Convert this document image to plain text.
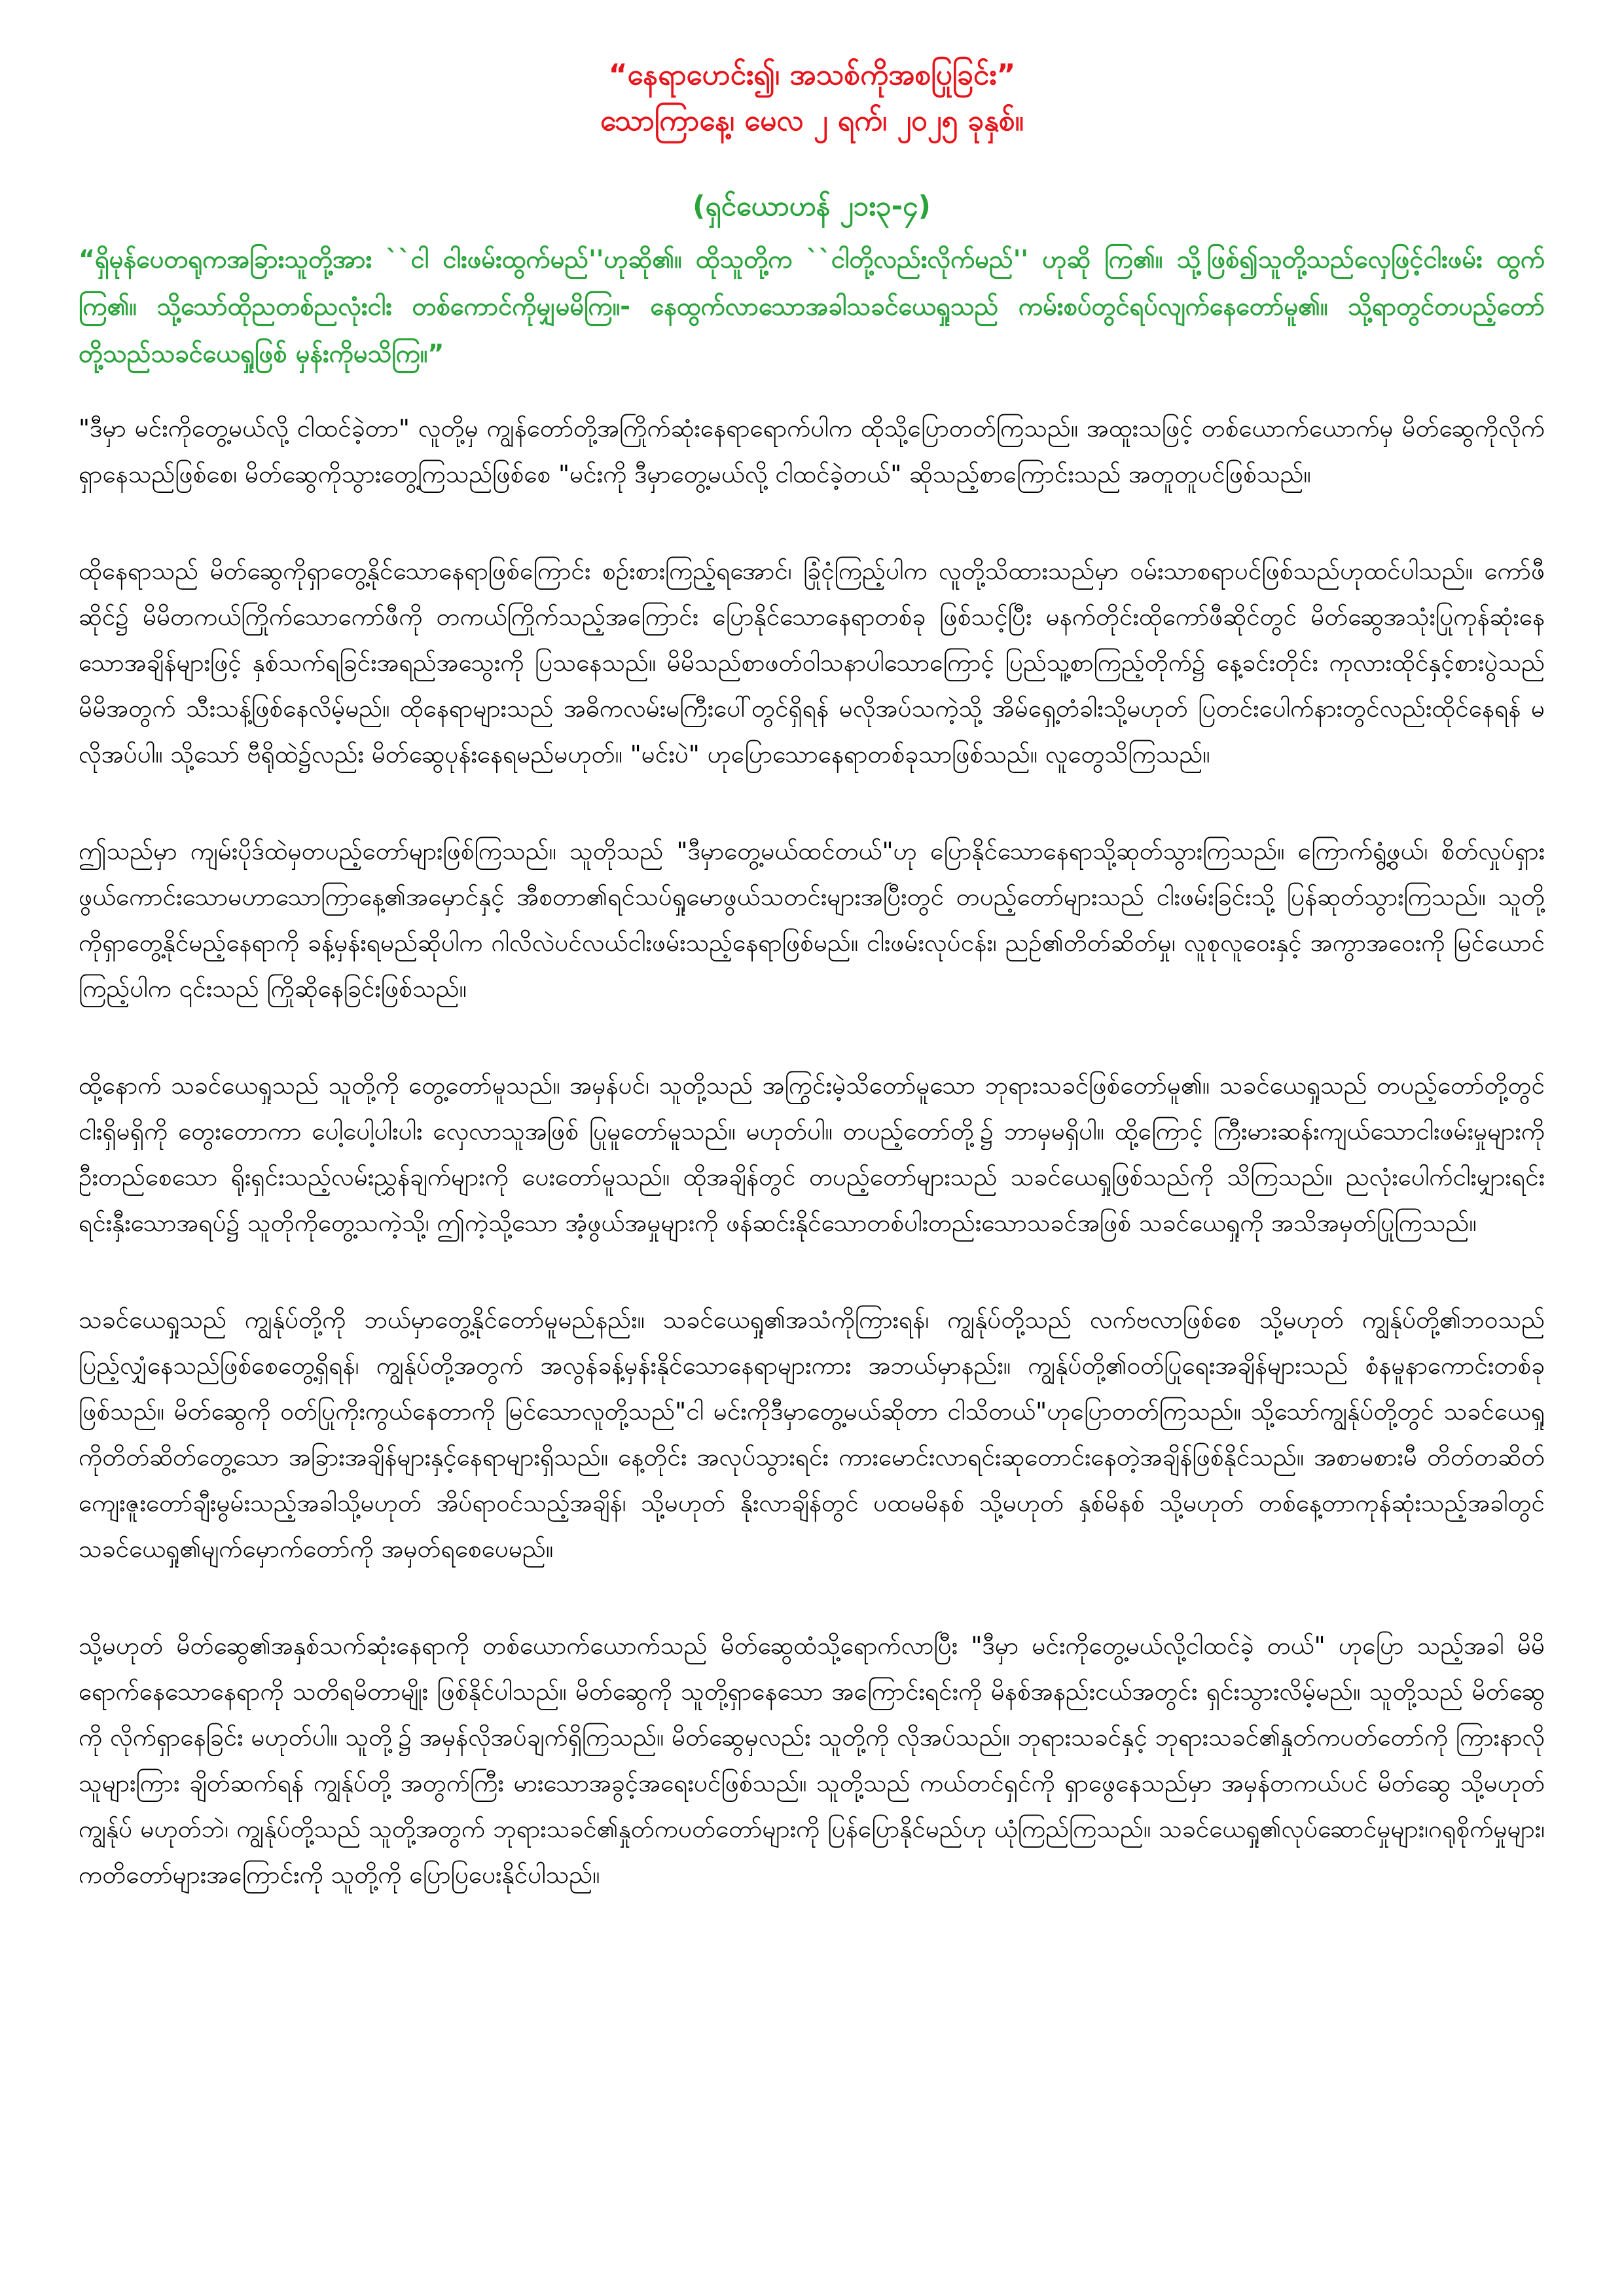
“နေရာပောင်း၍၊ အသစ်ကိုအစပြုခြင်း”
သောကြာနေ့၊ မေလ ၂ ရက်၊ ၂၀၂၅ ခုနှစ်။
(ရှင်ယောဟန် ၂၁း၃-၄)
“ရှိမုန်ပေတရုကအခြားသူတို့အား ``ငါ ငါးဖမ်းထွက်မည်''ဟုဆို၏။ ထိုသူတို့က ``ငါတို့လည်းလိုက်မည်'' ဟုဆို ကြ၏။ သို့ဖြစ်၍သူတို့သည်လှေဖြင့်ငါးဖမ်း ထွက်ကြ၏။ သို့သော်ထိုညတစ်ညလုံးငါး တစ်ကောင်ကိုမျှမမိကြ။- နေထွက်လာသောအခါသခင်ယေရှုသည် ကမ်းစပ်တွင်ရပ်လျက်နေတော်မူ၏။ သို့ရာတွင်တပည့်တော်တို့သည်သခင်ယေရှုဖြစ် မှန်းကိုမသိကြ။”

"ဒီမှာ မင်းကိုတွေ့မယ်လို့ ငါထင်ခဲ့တာ" လူတို့မှ ကျွန်တော်တို့အကြိုက်ဆုံးနေရာရောက်ပါက ထိုသို့ပြောတတ်ကြသည်။ အထူးသဖြင့် တစ်ယောက်ယောက်မှ မိတ်ဆွေကိုလိုက်ရှာနေသည်ဖြစ်စေ၊ မိတ်ဆွေကိုသွားတွေ့ကြသည်ဖြစ်စေ "မင်းကို ဒီမှာတွေ့မယ်လို့ ငါထင်ခဲ့တယ်" ဆိုသည့်စာကြောင်းသည် အတူတူပင်ဖြစ်သည်။

ထိုနေရာသည် မိတ်ဆွေကိုရှာတွေ့နိုင်သောနေရာဖြစ်ကြောင်း စဉ်းစားကြည့်ရအောင်၊ ခြုံငုံကြည့်ပါက လူတို့သိထားသည်မှာ ဝမ်းသာစရာပင်ဖြစ်သည်ဟုထင်ပါသည်။ ကော်ဖီဆိုင်၌ မိမိတကယ်ကြိုက်သောကော်ဖီကို တကယ်ကြိုက်သည့်အကြောင်း ပြောနိုင်သောနေရာတစ်ခု ဖြစ်သင့်ပြီး မနက်တိုင်းထိုကော်ဖီဆိုင်တွင် မိတ်ဆွေအသုံးပြုကုန်ဆုံးနေသောအချိန်များဖြင့် နှစ်သက်ရခြင်းအရည်အသွေးကို ပြသနေသည်။ မိမိသည်စာဖတ်ဝါသနာပါသောကြောင့် ပြည်သူ့စာကြည့်တိုက်၌ နေ့ခင်းတိုင်း ကုလားထိုင်နှင့်စားပွဲသည် မိမိအတွက် သီးသန့်ဖြစ်နေလိမ့်မည်။ ထိုနေရာများသည် အဓိကလမ်းမကြီးပေါ်တွင်ရှိရန် မလိုအပ်သကဲ့သို့ အိမ်ရှေ့တံခါးသို့မဟုတ် ပြတင်းပေါက်နားတွင်လည်းထိုင်နေရန် မလိုအပ်ပါ။ သို့သော် ဗီရိုထဲ၌လည်း မိတ်ဆွေပုန်းနေရမည်မဟုတ်။ "မင်းပဲ" ဟုပြောသောနေရာတစ်ခုသာဖြစ်သည်။ လူတွေသိကြသည်။

ဤသည်မှာ ကျမ်းပိုဒ်ထဲမှတပည့်တော်များဖြစ်ကြသည်။ သူတိုသည် "ဒီမှာတွေ့မယ်ထင်တယ်"ဟု ပြောနိုင်သောနေရာသို့ဆုတ်သွားကြသည်။ ကြောက်ရွံ့ဖွယ်၊ စိတ်လှုပ်ရှားဖွယ်ကောင်းသောမဟာသောကြာနေ့၏အမှောင်နှင့် အီစတာ၏ရင်သပ်ရှုမောဖွယ်သတင်းများအပြီးတွင် တပည့်တော်များသည် ငါးဖမ်းခြင်းသို့ ပြန်ဆုတ်သွားကြသည်။ သူတို့ကိုရှာတွေ့နိုင်မည့်နေရာကို ခန့်မှန်းရမည်ဆိုပါက ဂါလိလဲပင်လယ်ငါးဖမ်းသည့်နေရာဖြစ်မည်။ ငါးဖမ်းလုပ်ငန်း၊ ညဉ်၏တိတ်ဆိတ်မှု၊ လူစုလူဝေးနှင့် အကွာအဝေးကို မြင်ယောင်ကြည့်ပါက ၎င်းသည် ကြိုဆိုနေခြင်းဖြစ်သည်။

ထို့နောက် သခင်ယေရှုသည် သူတို့ကို တွေ့တော်မူသည်။ အမှန်ပင်၊ သူတို့သည် အကြွင်းမဲ့သိတော်မူသော ဘုရားသခင်ဖြစ်တော်မူ၏။ သခင်ယေရှုသည် တပည့်တော်တို့တွင် ငါးရှိမရှိကို တွေးတောကာ ပေါ့ပေါ့ပါးပါး လှေလာသူအဖြစ် ပြုမူတော်မူသည်။ မဟုတ်ပါ။ တပည့်တော်တို့၌ ဘာမှမရှိပါ။ ထို့ကြောင့် ကြီးမားဆန်းကျယ်သောငါးဖမ်းမှုများကို ဦးတည်စေသော ရိုးရှင်းသည့်လမ်းညွှန်ချက်များကို ပေးတော်မူသည်။ ထိုအချိန်တွင် တပည့်တော်များသည် သခင်ယေရှုဖြစ်သည်ကို သိကြသည်။ ညလုံးပေါက်ငါးမျှားရင်း ရင်းနှီးသောအရပ်၌ သူတိုကိုတွေ့သကဲ့သို့၊ ဤကဲ့သို့သော အံ့ဖွယ်အမှုများကို ဖန်ဆင်းနိုင်သောတစ်ပါးတည်းသောသခင်အဖြစ် သခင်ယေရှုကို အသိအမှတ်ပြုကြသည်။

သခင်ယေရှုသည် ကျွန်ုပ်တို့ကို ဘယ်မှာတွေ့နိုင်တော်မူမည်နည်း။ သခင်ယေရှု၏အသံကိုကြားရန်၊ ကျွန်ုပ်တို့သည် လက်ဗလာဖြစ်စေ သို့မဟုတ် ကျွန်ုပ်တို့၏ဘဝသည် ပြည့်လျှံနေသည်ဖြစ်စေတွေ့ရှိရန်၊ ကျွန်ုပ်တို့အတွက် အလွန်ခန့်မှန်းနိုင်သောနေရာများကား အဘယ်မှာနည်း။ ကျွန်ုပ်တို့၏ဝတ်ပြုရေးအချိန်များသည် စံနမူနာကောင်းတစ်ခုဖြစ်သည်။ မိတ်ဆွေကို ဝတ်ပြုကိုးကွယ်နေတာကို မြင်သောလူတို့သည်"ငါ မင်းကိုဒီမှာတွေ့မယ်ဆိုတာ ငါသိတယ်"ဟုပြောတတ်ကြသည်။ သို့သော်ကျွန်ုပ်တို့တွင် သခင်ယေရှုကိုတိတ်ဆိတ်တွေ့သော အခြားအချိန်များနှင့်နေရာများရှိသည်။ နေ့တိုင်း အလုပ်သွားရင်း ကားမောင်းလာရင်းဆုတောင်းနေတဲ့အချိန်ဖြစ်နိုင်သည်။ အစာမစားမီ တိတ်တဆိတ်ကျေးဇူးတော်ချီးမွမ်းသည့်အခါသို့မဟုတ် အိပ်ရာဝင်သည့်အချိန်၊ သို့မဟုတ် နိုးလာချိန်တွင် ပထမမိနစ် သို့မဟုတ် နှစ်မိနစ် သို့မဟုတ် တစ်နေ့တာကုန်ဆုံးသည့်အခါတွင် သခင်ယေရှု၏မျက်မှောက်တော်ကို အမှတ်ရစေပေမည်။

သို့မဟုတ် မိတ်ဆွေ၏အနှစ်သက်ဆုံးနေရာကို တစ်ယောက်ယောက်သည် မိတ်ဆွေထံသို့ရောက်လာပြီး "ဒီမှာ မင်းကိုတွေ့မယ်လို့ငါထင်ခဲ့ တယ်" ဟုပြော သည့်အခါ မိမိရောက်နေသောနေရာကို သတိရမိတာမျိုး ဖြစ်နိုင်ပါသည်။ မိတ်ဆွေကို သူတို့ရှာနေသော အကြောင်းရင်းကို မိနစ်အနည်းငယ်အတွင်း ရှင်းသွားလိမ့်မည်။ သူတို့သည် မိတ်ဆွေကို လိုက်ရှာနေခြင်း မဟုတ်ပါ။ သူတို့၌ အမှန်လိုအပ်ချက်ရှိကြသည်။ မိတ်ဆွေမှလည်း သူတို့ကို လိုအပ်သည်။ ဘုရားသခင်နှင့် ဘုရားသခင်၏နှုတ်ကပတ်တော်ကို ကြားနာလိုသူများကြား ချိတ်ဆက်ရန် ကျွန်ုပ်တို့ အတွက်ကြီး မားသောအခွင့်အရေးပင်ဖြစ်သည်။ သူတို့သည် ကယ်တင်ရှင်ကို ရှာဖွေနေသည်မှာ အမှန်တကယ်ပင် မိတ်ဆွေ သို့မဟုတ် ကျွန်ုပ် မဟုတ်ဘဲ၊ ကျွန်ုပ်တို့သည် သူတို့အတွက် ဘုရားသခင်၏နှုတ်ကပတ်တော်များကို ပြန်ပြောနိုင်မည်ဟု ယုံကြည်ကြသည်။ သခင်ယေရှု၏လုပ်ဆောင်မှုများ၊ဂရုစိုက်မှုများ၊ ကတိတော်များအကြောင်းကို သူတို့ကို ပြောပြပေးနိုင်ပါသည်။
